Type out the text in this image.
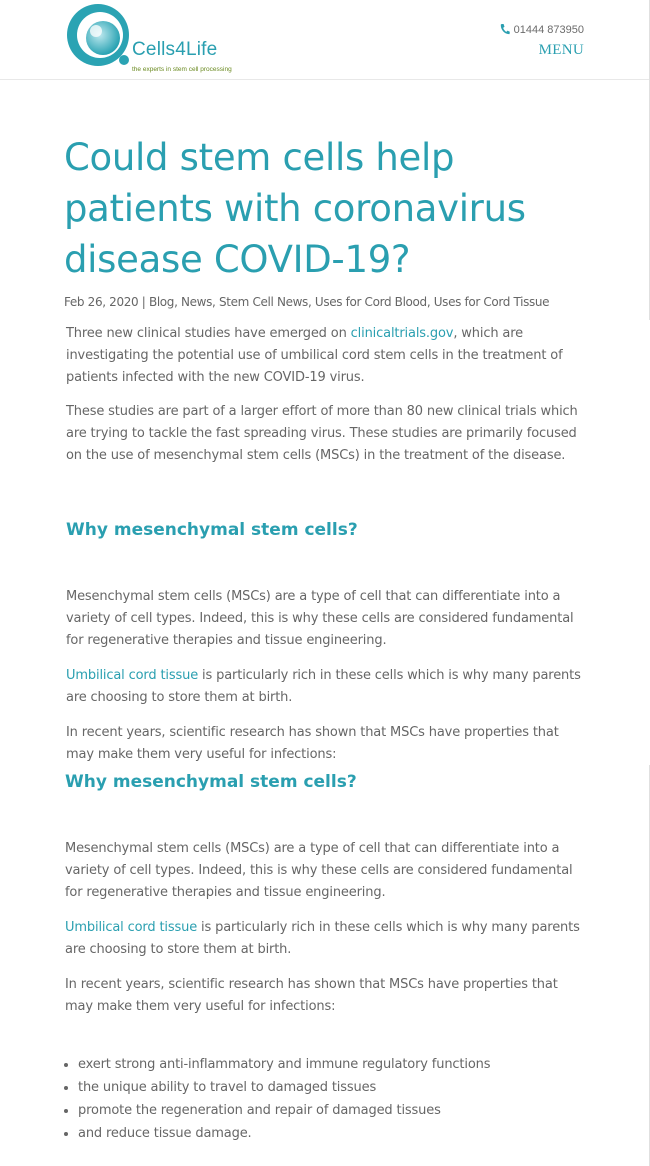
Cells4Life
the experts in stem cell processing
01444 873950
MENU
Could stem cells help patients with coronavirus disease COVID-19?
Feb 26, 2020 | Blog, News, Stem Cell News, Uses for Cord Blood, Uses for Cord Tissue

Three new clinical studies have emerged on clinicaltrials.gov, which are investigating the potential use of umbilical cord stem cells in the treatment of patients infected with the new COVID-19 virus.

These studies are part of a larger effort of more than 80 new clinical trials which are trying to tackle the fast spreading virus. These studies are primarily focused on the use of mesenchymal stem cells (MSCs) in the treatment of the disease.

Why mesenchymal stem cells?

Mesenchymal stem cells (MSCs) are a type of cell that can differentiate into a variety of cell types. Indeed, this is why these cells are considered fundamental for regenerative therapies and tissue engineering.

Umbilical cord tissue is particularly rich in these cells which is why many parents are choosing to store them at birth.

In recent years, scientific research has shown that MSCs have properties that may make them very useful for infections:

Why mesenchymal stem cells?

Mesenchymal stem cells (MSCs) are a type of cell that can differentiate into a variety of cell types. Indeed, this is why these cells are considered fundamental for regenerative therapies and tissue engineering.

Umbilical cord tissue is particularly rich in these cells which is why many parents are choosing to store them at birth.

In recent years, scientific research has shown that MSCs have properties that may make them very useful for infections:

exert strong anti-inflammatory and immune regulatory functions
the unique ability to travel to damaged tissues
promote the regeneration and repair of damaged tissues
and reduce tissue damage.
